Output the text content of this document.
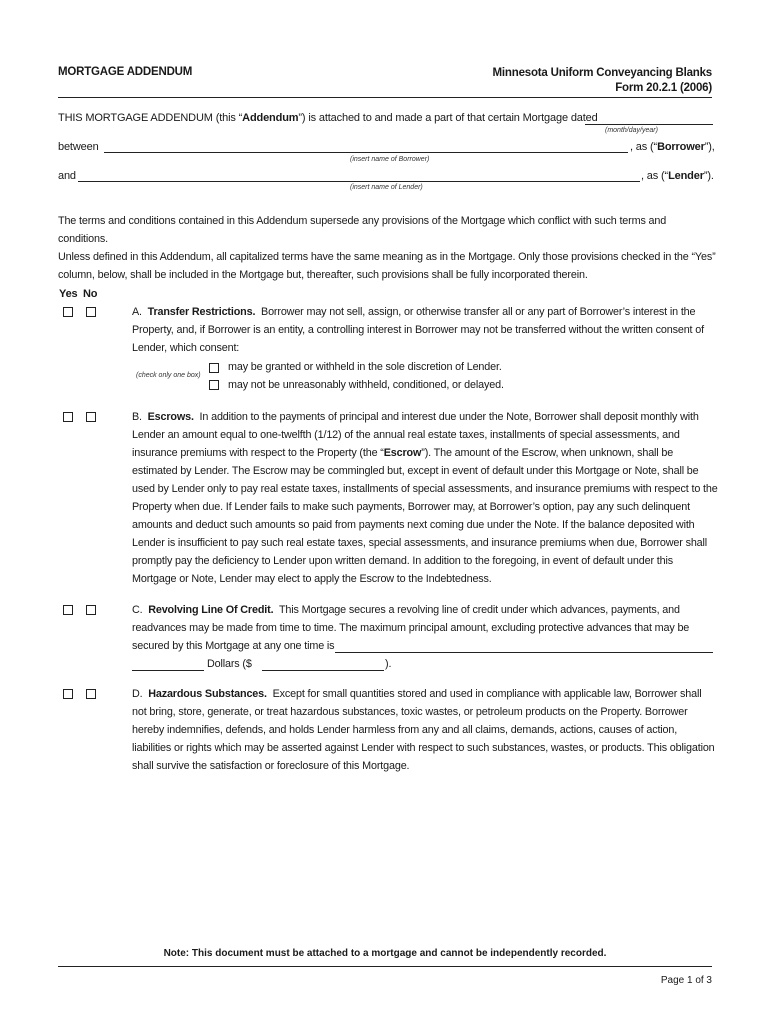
MORTGAGE ADDENDUM	Minnesota Uniform Conveyancing Blanks
Form 20.2.1 (2006)
THIS MORTGAGE ADDENDUM (this “Addendum”) is attached to and made a part of that certain Mortgage dated
(month/day/year)
between	, as (“Borrower”),
(insert name of Borrower)
and	, as (“Lender”).
(insert name of Lender)
The terms and conditions contained in this Addendum supersede any provisions of the Mortgage which conflict with such terms and conditions.
Unless defined in this Addendum, all capitalized terms have the same meaning as in the Mortgage. Only those provisions checked in the “Yes”
column, below, shall be included in the Mortgage but, thereafter, such provisions shall be fully incorporated therein.
Yes No
A. Transfer Restrictions. Borrower may not sell, assign, or otherwise transfer all or any part of Borrower’s interest in the
Property, and, if Borrower is an entity, a controlling interest in Borrower may not be transferred without the written consent of
Lender, which consent:
(check only one box)
may be granted or withheld in the sole discretion of Lender.
may not be unreasonably withheld, conditioned, or delayed.
B. Escrows. In addition to the payments of principal and interest due under the Note, Borrower shall deposit monthly with
Lender an amount equal to one-twelfth (1/12) of the annual real estate taxes, installments of special assessments, and
insurance premiums with respect to the Property (the “Escrow”). The amount of the Escrow, when unknown, shall be
estimated by Lender. The Escrow may be commingled but, except in event of default under this Mortgage or Note, shall be
used by Lender only to pay real estate taxes, installments of special assessments, and insurance premiums with respect to the
Property when due. If Lender fails to make such payments, Borrower may, at Borrower’s option, pay any such delinquent
amounts and deduct such amounts so paid from payments next coming due under the Note. If the balance deposited with
Lender is insufficient to pay such real estate taxes, special assessments, and insurance premiums when due, Borrower shall
promptly pay the deficiency to Lender upon written demand. In addition to the foregoing, in event of default under this
Mortgage or Note, Lender may elect to apply the Escrow to the Indebtedness.
C. Revolving Line Of Credit. This Mortgage secures a revolving line of credit under which advances, payments, and
readvances may be made from time to time. The maximum principal amount, excluding protective advances that may be
secured by this Mortgage at any one time is
Dollars ($	).
D. Hazardous Substances. Except for small quantities stored and used in compliance with applicable law, Borrower shall
not bring, store, generate, or treat hazardous substances, toxic wastes, or petroleum products on the Property. Borrower
hereby indemnifies, defends, and holds Lender harmless from any and all claims, demands, actions, causes of action,
liabilities or rights which may be asserted against Lender with respect to such substances, wastes, or products. This obligation
shall survive the satisfaction or foreclosure of this Mortgage.
Note: This document must be attached to a mortgage and cannot be independently recorded.
Page 1 of 3
